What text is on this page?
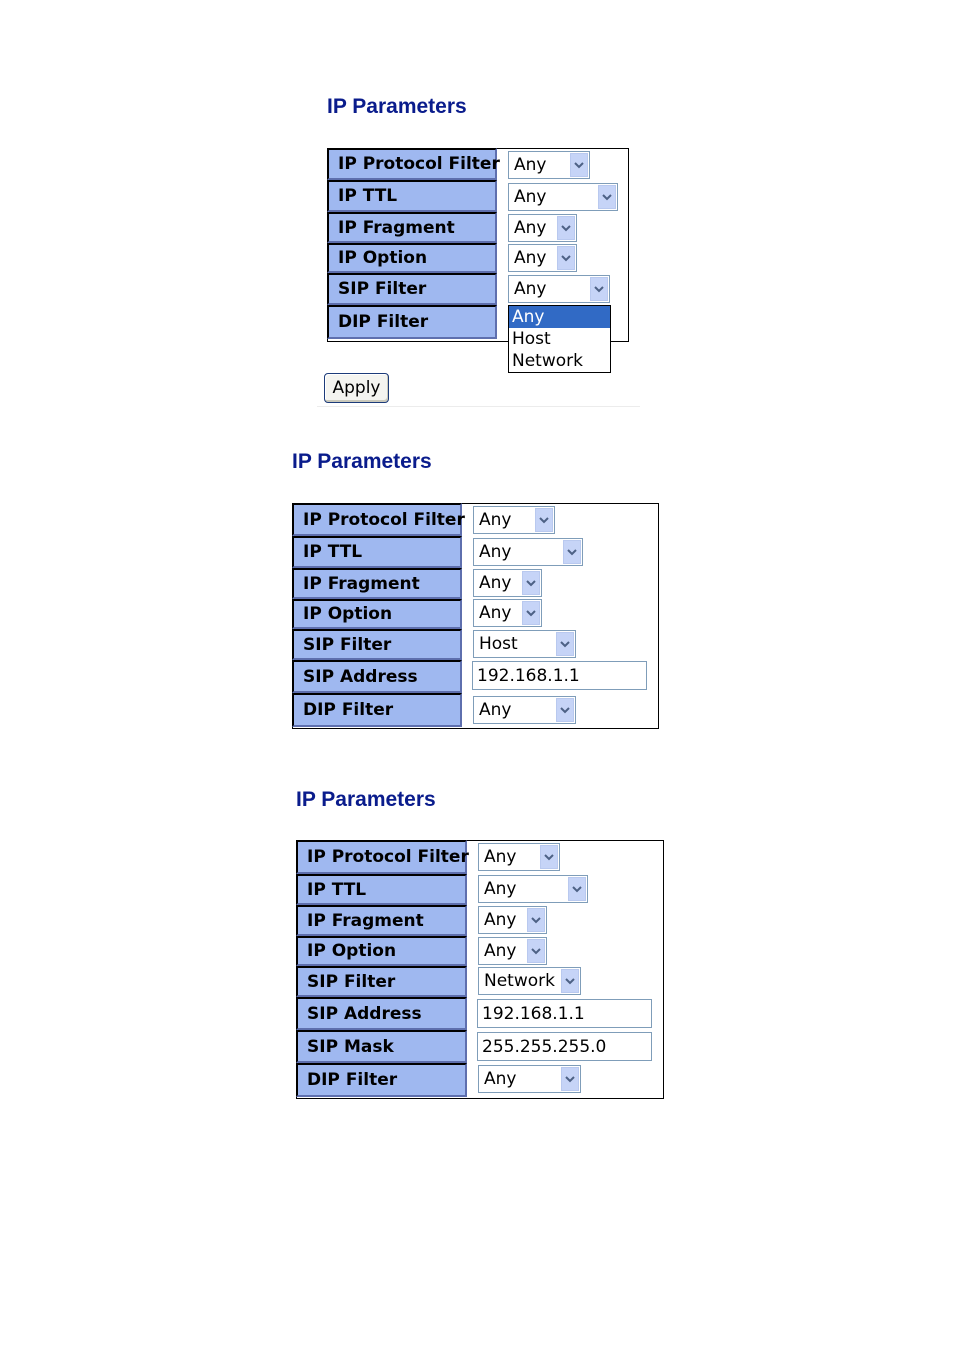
IP Parameters
IP Protocol Filter
IP TTL
IP Fragment
IP Option
SIP Filter
DIP Filter
Any
Any
Any
Any
Any
Any
Host
Network
Apply
IP Parameters
IP Protocol Filter
IP TTL
IP Fragment
IP Option
SIP Filter
SIP Address
DIP Filter
Any
Any
Any
Any
Host
192.168.1.1
Any
IP Parameters
IP Protocol Filter
IP TTL
IP Fragment
IP Option
SIP Filter
SIP Address
SIP Mask
DIP Filter
Any
Any
Any
Any
Network
192.168.1.1
255.255.255.0
Any
